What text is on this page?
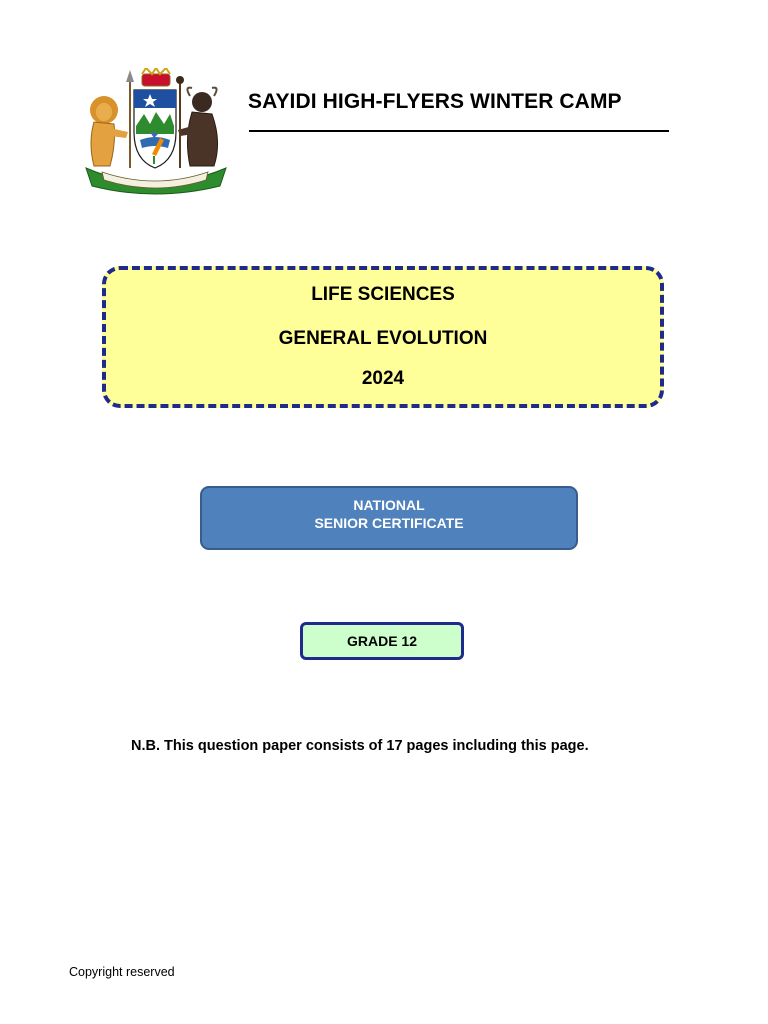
SAYIDI HIGH-FLYERS WINTER CAMP
LIFE SCIENCES
GENERAL EVOLUTION
2024
NATIONAL
SENIOR CERTIFICATE
GRADE 12
N.B. This question paper consists of 17 pages including this page.
Copyright reserved
